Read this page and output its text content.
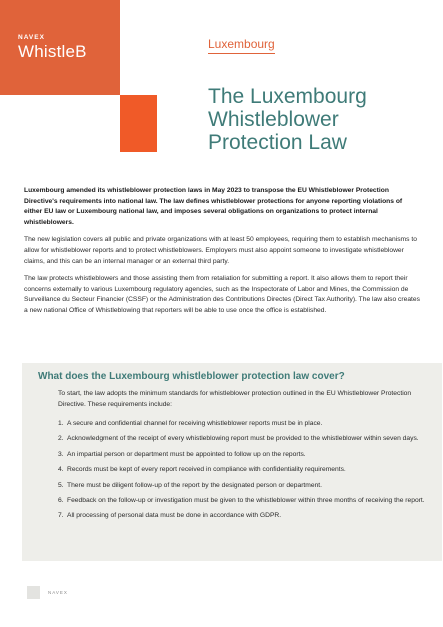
NAVEX
WhistleB	Luxembourg
The Luxembourg Whistleblower Protection Law

Luxembourg amended its whistleblower protection laws in May 2023 to transpose the EU Whistleblower Protection Directive's requirements into national law. The law defines whistleblower protections for anyone reporting violations of either EU law or Luxembourg national law, and imposes several obligations on organizations to protect internal whistleblowers.

The new legislation covers all public and private organizations with at least 50 employees, requiring them to establish mechanisms to allow for whistleblower reports and to protect whistleblowers. Employers must also appoint someone to investigate whistleblower claims, and this can be an internal manager or an external third party.

The law protects whistleblowers and those assisting them from retaliation for submitting a report. It also allows them to report their concerns externally to various Luxembourg regulatory agencies, such as the Inspectorate of Labor and Mines, the Commission de Surveillance du Secteur Financier (CSSF) or the Administration des Contributions Directes (Direct Tax Authority). The law also creates a new national Office of Whistleblowing that reporters will be able to use once the office is established.

What does the Luxembourg whistleblower protection law cover?

To start, the law adopts the minimum standards for whistleblower protection outlined in the EU Whistleblower Protection Directive. These requirements include:

1. A secure and confidential channel for receiving whistleblower reports must be in place.
2. Acknowledgment of the receipt of every whistleblowing report must be provided to the whistleblower within seven days.
3. An impartial person or department must be appointed to follow up on the reports.
4. Records must be kept of every report received in compliance with confidentiality requirements.
5. There must be diligent follow-up of the report by the designated person or department.
6. Feedback on the follow-up or investigation must be given to the whistleblower within three months of receiving the report.
7. All processing of personal data must be done in accordance with GDPR.
NAVEX
